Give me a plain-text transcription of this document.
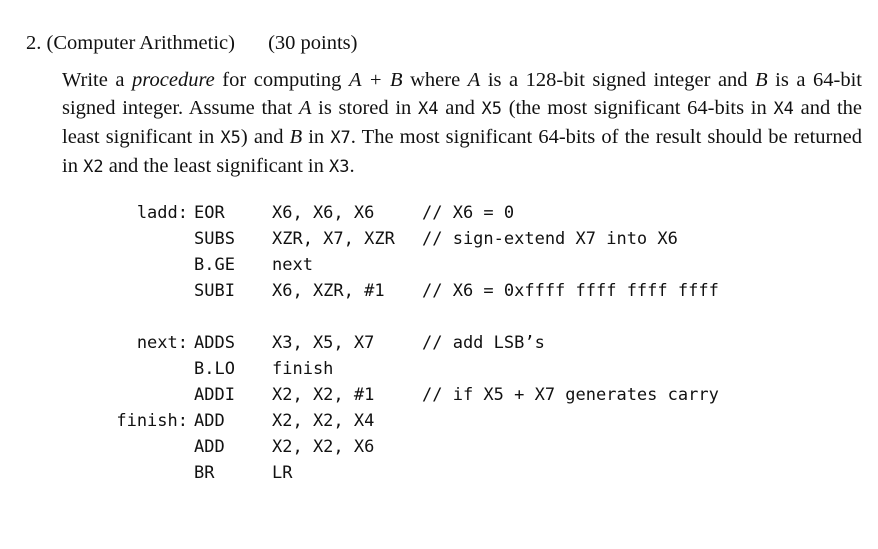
2. (Computer Arithmetic) (30 points)
Write a procedure for computing A + B where A is a 128-bit signed integer and B is a 64-bit signed integer. Assume that A is stored in X4 and X5 (the most significant 64-bits in X4 and the least significant in X5) and B in X7. The most significant 64-bits of the result should be returned in X2 and the least significant in X3.
ladd: EOR	X6, X6, X6	// X6 = 0
SUBS	XZR, X7, XZR	// sign-extend X7 into X6
B.GE	next
SUBI	X6, XZR, #1	// X6 = 0xffff ffff ffff ffff
next: ADDS	X3, X5, X7	// add LSB’s
B.LO	finish
ADDI	X2, X2, #1	// if X5 + X7 generates carry
finish: ADD	X2, X2, X4
ADD	X2, X2, X6
BR	LR
